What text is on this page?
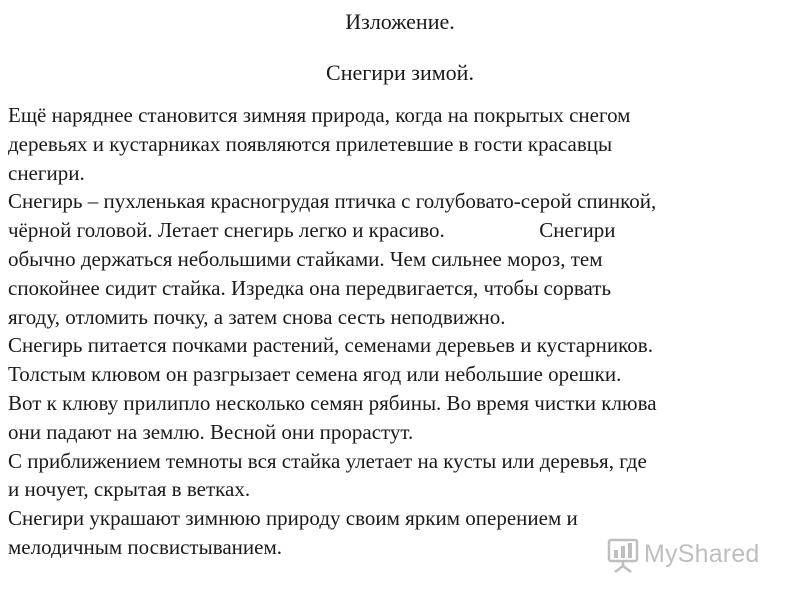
Изложение.
Снегири зимой.

Ещё наряднее становится зимняя природа, когда на покрытых снегом
деревьях и кустарниках появляются прилетевшие в гости красавцы
снегири.

Снегирь – пухленькая красногрудая птичка с голубовато-серой спинкой,
чёрной головой. Летает снегирь легко и красиво.                  Снегири
обычно держаться небольшими стайками. Чем сильнее мороз, тем
спокойнее сидит стайка. Изредка она передвигается, чтобы сорвать
ягоду, отломить почку, а затем снова сесть неподвижно.

Снегирь питается почками растений, семенами деревьев и кустарников.
Толстым клювом он разгрызает семена ягод или небольшие орешки.
Вот к клюву прилипло несколько семян рябины. Во время чистки клюва
они падают на землю. Весной они прорастут.

С приближением темноты вся стайка улетает на кусты или деревья, где
и ночует, скрытая в ветках.

Снегири украшают зимнюю природу своим ярким оперением и
мелодичным посвистыванием.	MyShared
